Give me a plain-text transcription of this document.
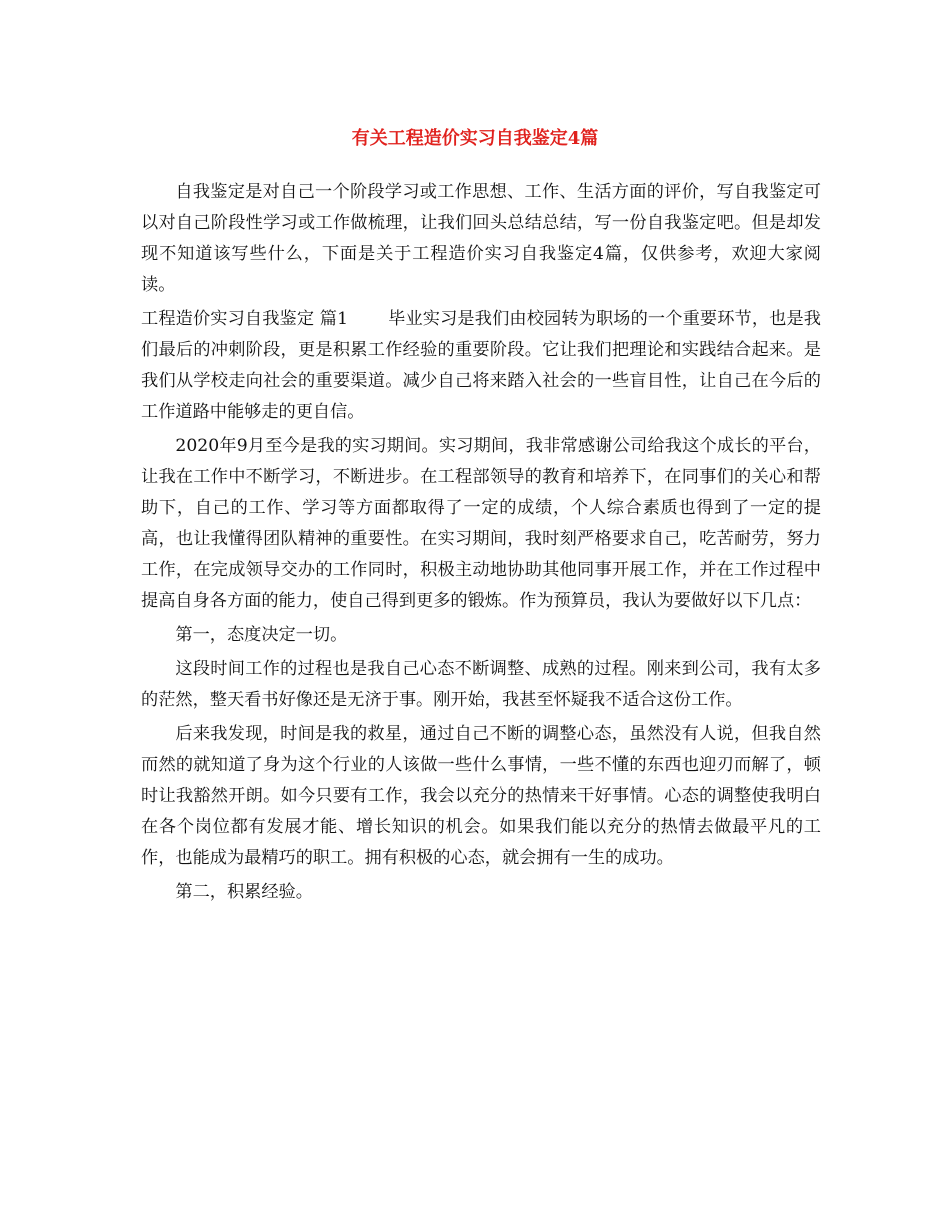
有关工程造价实习自我鉴定4篇

自我鉴定是对自己一个阶段学习或工作思想、工作、生活方面的评价，写自我鉴定可以对自己阶段性学习或工作做梳理，让我们回头总结总结，写一份自我鉴定吧。但是却发现不知道该写些什么，下面是关于工程造价实习自我鉴定4篇，仅供参考，欢迎大家阅读。

工程造价实习自我鉴定 篇1 毕业实习是我们由校园转为职场的一个重要环节，也是我们最后的冲刺阶段，更是积累工作经验的重要阶段。它让我们把理论和实践结合起来。是我们从学校走向社会的重要渠道。减少自己将来踏入社会的一些盲目性，让自己在今后的工作道路中能够走的更自信。

2020年9月至今是我的实习期间。实习期间，我非常感谢公司给我这个成长的平台，让我在工作中不断学习，不断进步。在工程部领导的教育和培养下，在同事们的关心和帮助下，自己的工作、学习等方面都取得了一定的成绩，个人综合素质也得到了一定的提高，也让我懂得团队精神的重要性。在实习期间，我时刻严格要求自己，吃苦耐劳，努力工作，在完成领导交办的工作同时，积极主动地协助其他同事开展工作，并在工作过程中提高自身各方面的能力，使自己得到更多的锻炼。作为预算员，我认为要做好以下几点：

第一，态度决定一切。

这段时间工作的过程也是我自己心态不断调整、成熟的过程。刚来到公司，我有太多的茫然，整天看书好像还是无济于事。刚开始，我甚至怀疑我不适合这份工作。

后来我发现，时间是我的救星，通过自己不断的调整心态，虽然没有人说，但我自然而然的就知道了身为这个行业的人该做一些什么事情，一些不懂的东西也迎刃而解了，顿时让我豁然开朗。如今只要有工作，我会以充分的热情来干好事情。心态的调整使我明白在各个岗位都有发展才能、增长知识的机会。如果我们能以充分的热情去做最平凡的工作，也能成为最精巧的职工。拥有积极的心态，就会拥有一生的成功。

第二，积累经验。
